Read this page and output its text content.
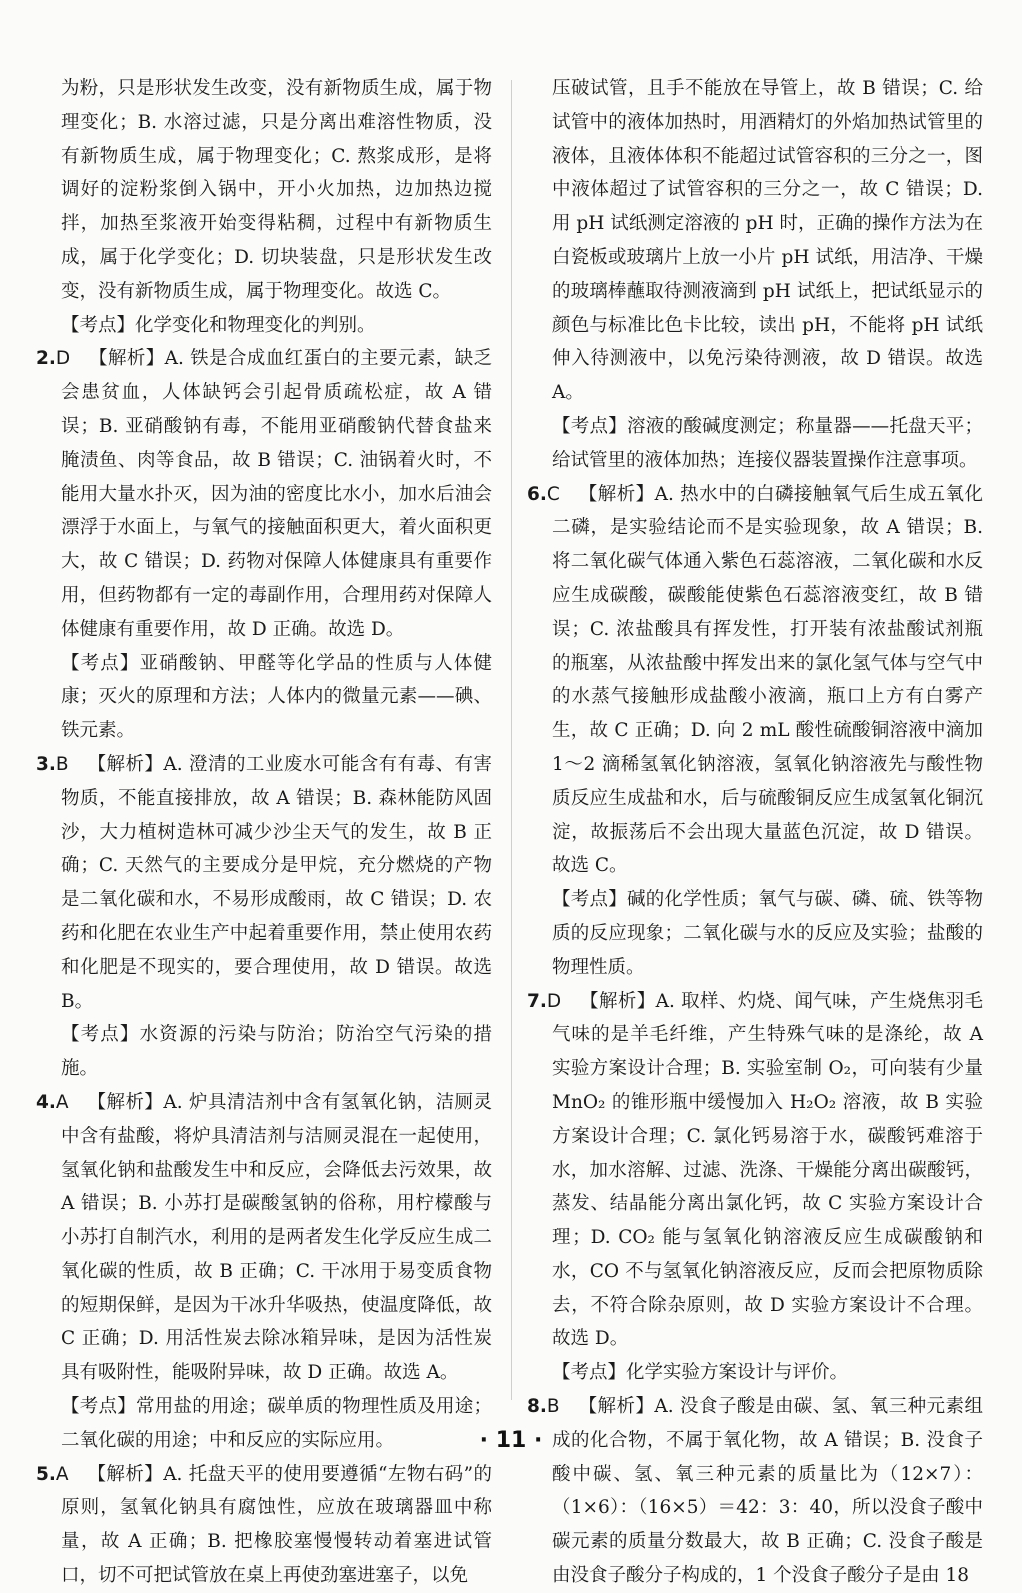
为粉，只是形状发生改变，没有新物质生成，属于物理变化；B. 水溶过滤，只是分离出难溶性物质，没有新物质生成，属于物理变化；C. 熬浆成形，是将调好的淀粉浆倒入锅中，开小火加热，边加热边搅拌，加热至浆液开始变得粘稠，过程中有新物质生成，属于化学变化；D. 切块装盘，只是形状发生改变，没有新物质生成，属于物理变化。故选 C。

【考点】化学变化和物理变化的判别。

2.D  【解析】A. 铁是合成血红蛋白的主要元素，缺乏会患贫血，人体缺钙会引起骨质疏松症，故 A 错误；B. 亚硝酸钠有毒，不能用亚硝酸钠代替食盐来腌渍鱼、肉等食品，故 B 错误；C. 油锅着火时，不能用大量水扑灭，因为油的密度比水小，加水后油会漂浮于水面上，与氧气的接触面积更大，着火面积更大，故 C 错误；D. 药物对保障人体健康具有重要作用，但药物都有一定的毒副作用，合理用药对保障人体健康有重要作用，故 D 正确。故选 D。

【考点】亚硝酸钠、甲醛等化学品的性质与人体健康；灭火的原理和方法；人体内的微量元素——碘、铁元素。

3.B  【解析】A. 澄清的工业废水可能含有有毒、有害物质，不能直接排放，故 A 错误；B. 森林能防风固沙，大力植树造林可减少沙尘天气的发生，故 B 正确；C. 天然气的主要成分是甲烷，充分燃烧的产物是二氧化碳和水，不易形成酸雨，故 C 错误；D. 农药和化肥在农业生产中起着重要作用，禁止使用农药和化肥是不现实的，要合理使用，故 D 错误。故选 B。

【考点】水资源的污染与防治；防治空气污染的措施。

4.A  【解析】A. 炉具清洁剂中含有氢氧化钠，洁厕灵中含有盐酸，将炉具清洁剂与洁厕灵混在一起使用，氢氧化钠和盐酸发生中和反应，会降低去污效果，故 A 错误；B. 小苏打是碳酸氢钠的俗称，用柠檬酸与小苏打自制汽水，利用的是两者发生化学反应生成二氧化碳的性质，故 B 正确；C. 干冰用于易变质食物的短期保鲜，是因为干冰升华吸热，使温度降低，故 C 正确；D. 用活性炭去除冰箱异味，是因为活性炭具有吸附性，能吸附异味，故 D 正确。故选 A。

【考点】常用盐的用途；碳单质的物理性质及用途；二氧化碳的用途；中和反应的实际应用。

5.A  【解析】A. 托盘天平的使用要遵循“左物右码”的原则，氢氧化钠具有腐蚀性，应放在玻璃器皿中称量，故 A 正确；B. 把橡胶塞慢慢转动着塞进试管口，切不可把试管放在桌上再使劲塞进塞子，以免

压破试管，且手不能放在导管上，故 B 错误；C. 给试管中的液体加热时，用酒精灯的外焰加热试管里的液体，且液体体积不能超过试管容积的三分之一，图中液体超过了试管容积的三分之一，故 C 错误；D. 用 pH 试纸测定溶液的 pH 时，正确的操作方法为在白瓷板或玻璃片上放一小片 pH 试纸，用洁净、干燥的玻璃棒蘸取待测液滴到 pH 试纸上，把试纸显示的颜色与标准比色卡比较，读出 pH，不能将 pH 试纸伸入待测液中，以免污染待测液，故 D 错误。故选 A。

【考点】溶液的酸碱度测定；称量器——托盘天平；给试管里的液体加热；连接仪器装置操作注意事项。

6.C  【解析】A. 热水中的白磷接触氧气后生成五氧化二磷，是实验结论而不是实验现象，故 A 错误；B. 将二氧化碳气体通入紫色石蕊溶液，二氧化碳和水反应生成碳酸，碳酸能使紫色石蕊溶液变红，故 B 错误；C. 浓盐酸具有挥发性，打开装有浓盐酸试剂瓶的瓶塞，从浓盐酸中挥发出来的氯化氢气体与空气中的水蒸气接触形成盐酸小液滴，瓶口上方有白雾产生，故 C 正确；D. 向 2 mL 酸性硫酸铜溶液中滴加 1～2 滴稀氢氧化钠溶液，氢氧化钠溶液先与酸性物质反应生成盐和水，后与硫酸铜反应生成氢氧化铜沉淀，故振荡后不会出现大量蓝色沉淀，故 D 错误。故选 C。

【考点】碱的化学性质；氧气与碳、磷、硫、铁等物质的反应现象；二氧化碳与水的反应及实验；盐酸的物理性质。

7.D  【解析】A. 取样、灼烧、闻气味，产生烧焦羽毛气味的是羊毛纤维，产生特殊气味的是涤纶，故 A 实验方案设计合理；B. 实验室制 O₂，可向装有少量 MnO₂ 的锥形瓶中缓慢加入 H₂O₂ 溶液，故 B 实验方案设计合理；C. 氯化钙易溶于水，碳酸钙难溶于水，加水溶解、过滤、洗涤、干燥能分离出碳酸钙，蒸发、结晶能分离出氯化钙，故 C 实验方案设计合理；D. CO₂ 能与氢氧化钠溶液反应生成碳酸钠和水，CO 不与氢氧化钠溶液反应，反而会把原物质除去，不符合除杂原则，故 D 实验方案设计不合理。故选 D。

【考点】化学实验方案设计与评价。

8.B  【解析】A. 没食子酸是由碳、氢、氧三种元素组成的化合物，不属于氧化物，故 A 错误；B. 没食子酸中碳、氢、氧三种元素的质量比为（12×7）：（1×6）：（16×5）＝42：3：40，所以没食子酸中碳元素的质量分数最大，故 B 正确；C. 没食子酸是由没食子酸分子构成的，1 个没食子酸分子是由 18

· 11 ·
